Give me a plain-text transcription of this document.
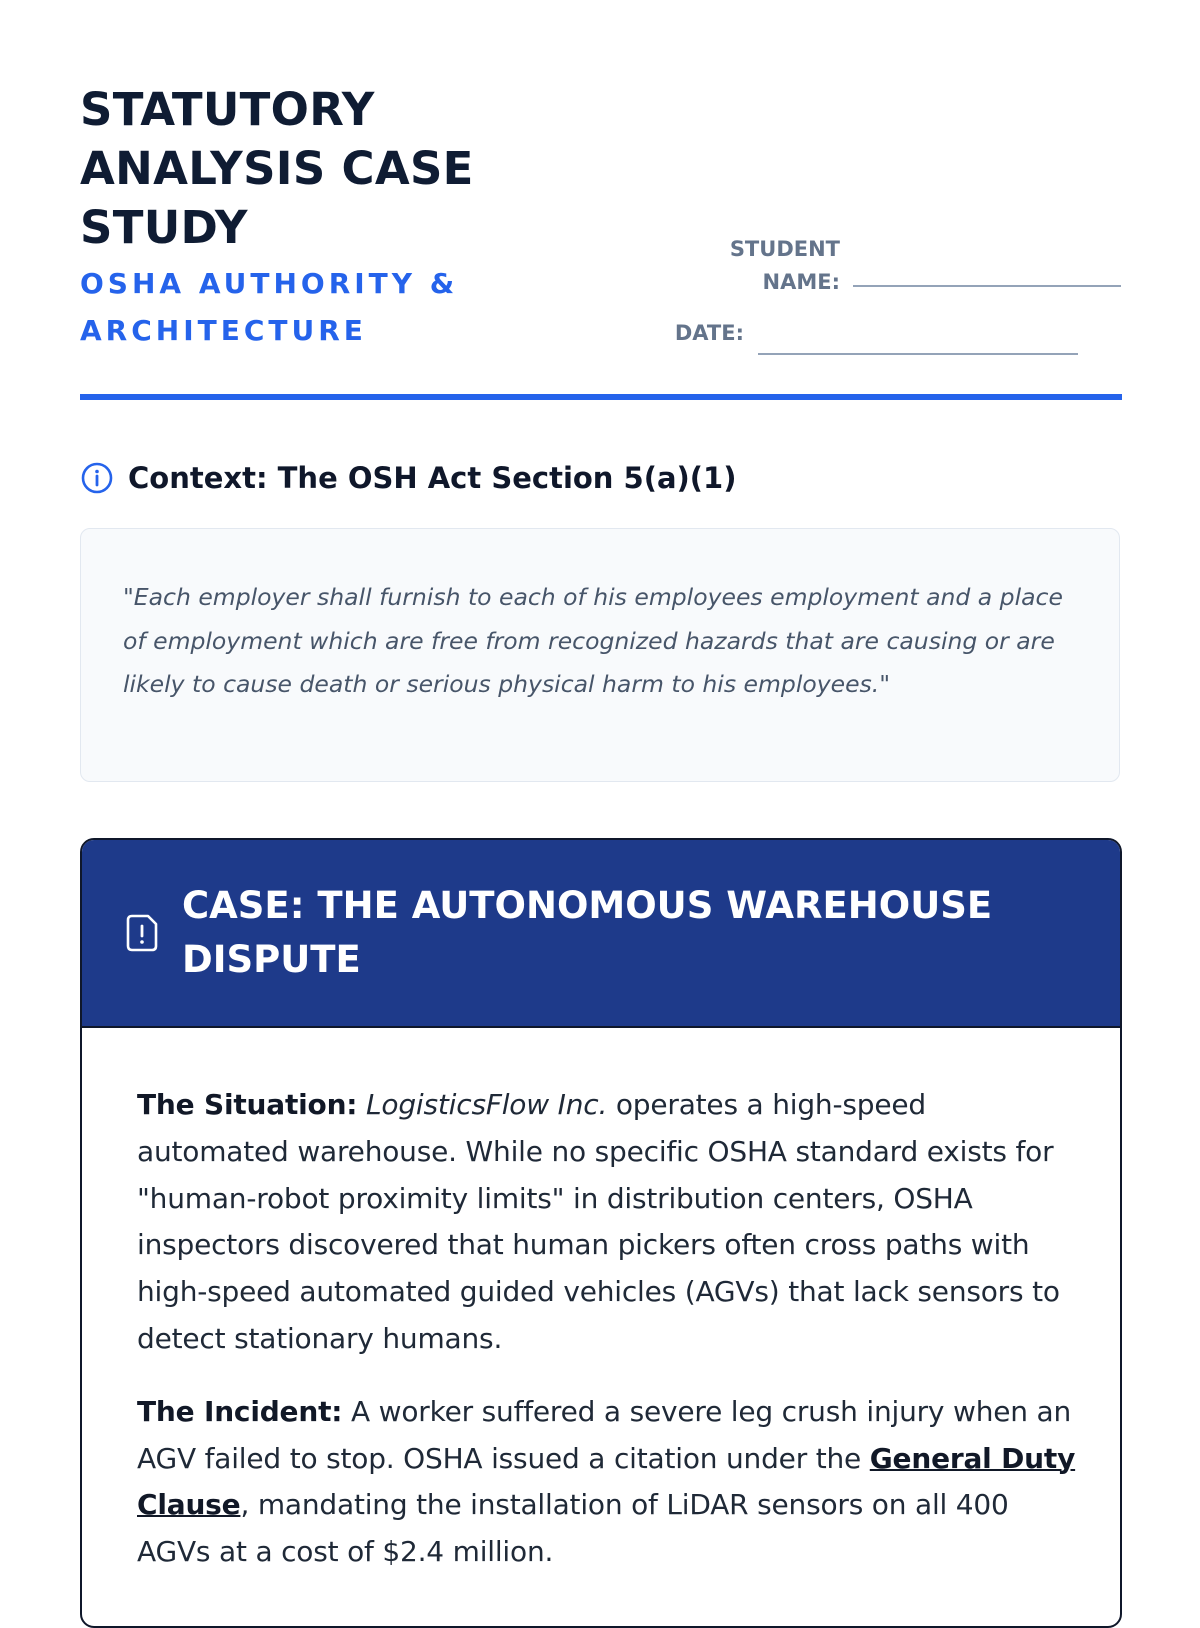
STATUTORY ANALYSIS CASE STUDY
OSHA AUTHORITY & ARCHITECTURE
STUDENT NAME:
DATE:
Context: The OSH Act Section 5(a)(1)

"Each employer shall furnish to each of his employees employment and a place of employment which are free from recognized hazards that are causing or are likely to cause death or serious physical harm to his employees."

CASE: THE AUTONOMOUS WAREHOUSE DISPUTE

The Situation: LogisticsFlow Inc. operates a high-speed automated warehouse. While no specific OSHA standard exists for "human-robot proximity limits" in distribution centers, OSHA inspectors discovered that human pickers often cross paths with high-speed automated guided vehicles (AGVs) that lack sensors to detect stationary humans.

The Incident: A worker suffered a severe leg crush injury when an AGV failed to stop. OSHA issued a citation under the General Duty Clause, mandating the installation of LiDAR sensors on all 400 AGVs at a cost of $2.4 million.
